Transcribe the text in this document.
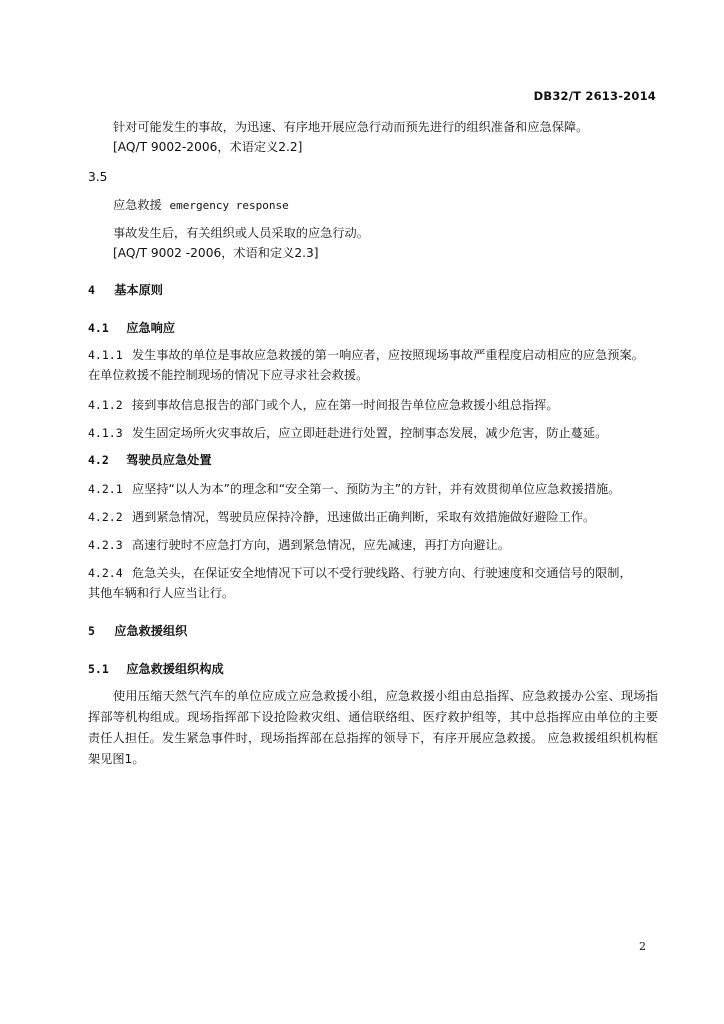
DB32/T 2613-2014
针对可能发生的事故，为迅速、有序地开展应急行动而预先进行的组织准备和应急保障。
[AQ/T 9002-2006，术语定义2.2]
3.5
应急救援 emergency response
事故发生后，有关组织或人员采取的应急行动。
[AQ/T 9002 -2006，术语和定义2.3]
4 基本原则
4.1 应急响应
4.1.1 发生事故的单位是事故应急救援的第一响应者，应按照现场事故严重程度启动相应的应急预案。
在单位救援不能控制现场的情况下应寻求社会救援。
4.1.2 接到事故信息报告的部门或个人，应在第一时间报告单位应急救援小组总指挥。
4.1.3 发生固定场所火灾事故后，应立即赶赴进行处置，控制事态发展，减少危害，防止蔓延。
4.2 驾驶员应急处置
4.2.1 应坚持“以人为本”的理念和“安全第一、预防为主”的方针，并有效贯彻单位应急救援措施。
4.2.2 遇到紧急情况，驾驶员应保持冷静，迅速做出正确判断，采取有效措施做好避险工作。
4.2.3 高速行驶时不应急打方向，遇到紧急情况，应先减速，再打方向避让。
4.2.4 危急关头，在保证安全地情况下可以不受行驶线路、行驶方向、行驶速度和交通信号的限制，
其他车辆和行人应当让行。
5 应急救援组织
5.1 应急救援组织构成
使用压缩天然气汽车的单位应成立应急救援小组，应急救援小组由总指挥、应急救援办公室、现场指挥部等机构组成。现场指挥部下设抢险救灾组、通信联络组、医疗救护组等，其中总指挥应由单位的主要责任人担任。发生紧急事件时，现场指挥部在总指挥的领导下，有序开展应急救援。 应急救援组织机构框架见图1。
2
